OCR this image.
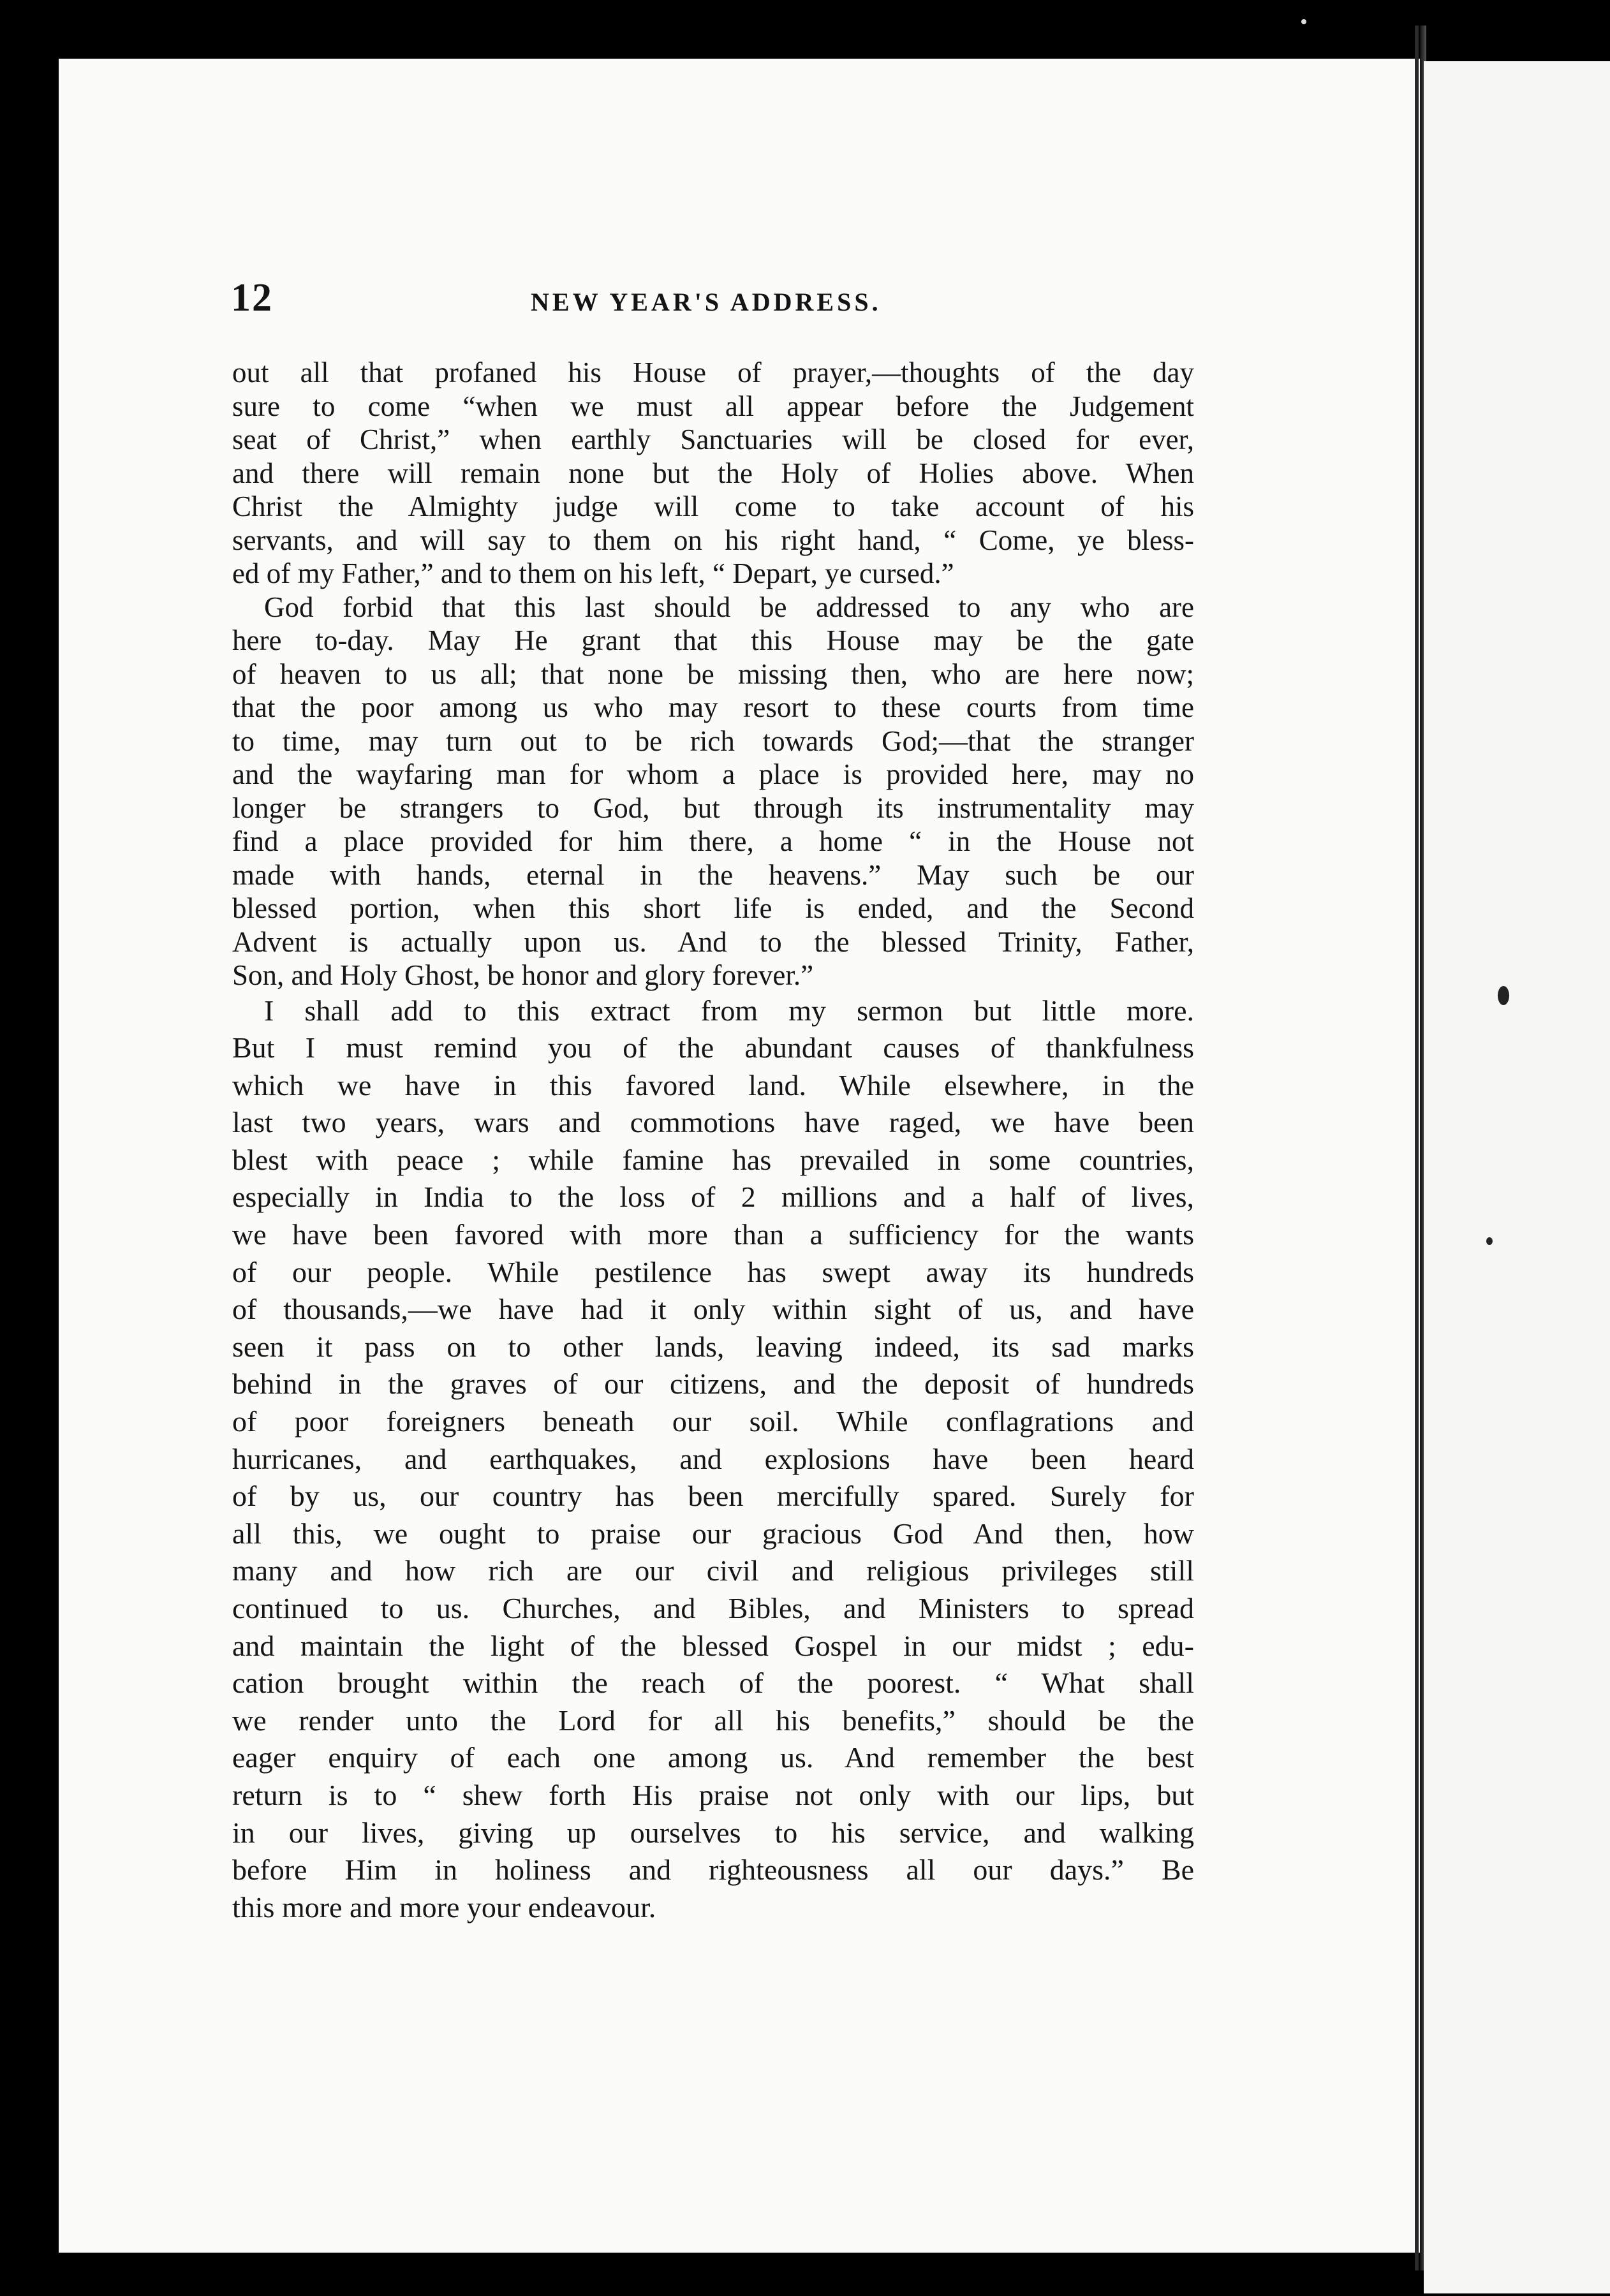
12	NEW YEAR'S ADDRESS.

out all that profaned his House of prayer,—thoughts of the day
sure to come “when we must all appear before the Judgement
seat of Christ,” when earthly Sanctuaries will be closed for ever,
and there will remain none but the Holy of Holies above. When
Christ the Almighty judge will come to take account of his
servants, and will say to them on his right hand, “ Come, ye bless-
ed of my Father,” and to them on his left, “ Depart, ye cursed.”

God forbid that this last should be addressed to any who are
here to-day. May He grant that this House may be the gate
of heaven to us all; that none be missing then, who are here now;
that the poor among us who may resort to these courts from time
to time, may turn out to be rich towards God;—that the stranger
and the wayfaring man for whom a place is provided here, may no
longer be strangers to God, but through its instrumentality may
find a place provided for him there, a home “ in the House not
made with hands, eternal in the heavens.” May such be our
blessed portion, when this short life is ended, and the Second
Advent is actually upon us. And to the blessed Trinity, Father,
Son, and Holy Ghost, be honor and glory forever.”

I shall add to this extract from my sermon but little more.
But I must remind you of the abundant causes of thankfulness
which we have in this favored land. While elsewhere, in the
last two years, wars and commotions have raged, we have been
blest with peace ; while famine has prevailed in some countries,
especially in India to the loss of 2 millions and a half of lives,
we have been favored with more than a sufficiency for the wants
of our people. While pestilence has swept away its hundreds
of thousands,—we have had it only within sight of us, and have
seen it pass on to other lands, leaving indeed, its sad marks
behind in the graves of our citizens, and the deposit of hundreds
of poor foreigners beneath our soil. While conflagrations and
hurricanes, and earthquakes, and explosions have been heard
of by us, our country has been mercifully spared. Surely for
all this, we ought to praise our gracious God And then, how
many and how rich are our civil and religious privileges still
continued to us. Churches, and Bibles, and Ministers to spread
and maintain the light of the blessed Gospel in our midst ; edu-
cation brought within the reach of the poorest. “ What shall
we render unto the Lord for all his benefits,” should be the
eager enquiry of each one among us. And remember the best
return is to “ shew forth His praise not only with our lips, but
in our lives, giving up ourselves to his service, and walking
before Him in holiness and righteousness all our days.” Be
this more and more your endeavour.
